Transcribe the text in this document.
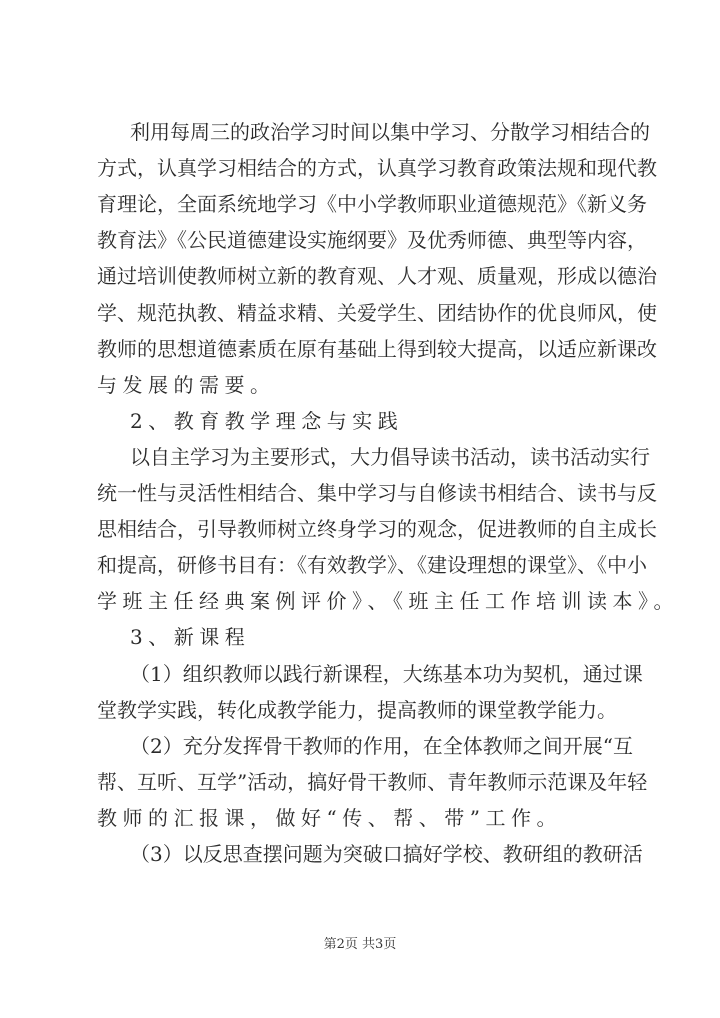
利用每周三的政治学习时间以集中学习、分散学习相结合的
方式，认真学习相结合的方式，认真学习教育政策法规和现代教
育理论，全面系统地学习《中小学教师职业道德规范》《新义务
教育法》《公民道德建设实施纲要》及优秀师德、典型等内容，
通过培训使教师树立新的教育观、人才观、质量观，形成以德治
学、规范执教、精益求精、关爱学生、团结协作的优良师风，使
教师的思想道德素质在原有基础上得到较大提高，以适应新课改
与发展的需要。
2、教育教学理念与实践
以自主学习为主要形式，大力倡导读书活动，读书活动实行
统一性与灵活性相结合、集中学习与自修读书相结合、读书与反
思相结合，引导教师树立终身学习的观念，促进教师的自主成长
和提高，研修书目有：《有效教学》、《建设理想的课堂》、《中小
学班主任经典案例评价》、《班主任工作培训读本》。
3、新课程
（1）组织教师以践行新课程，大练基本功为契机，通过课
堂教学实践，转化成教学能力，提高教师的课堂教学能力。
（2）充分发挥骨干教师的作用，在全体教师之间开展“互
帮、互听、互学”活动，搞好骨干教师、青年教师示范课及年轻
教师的汇报课，做好“传、帮、带”工作。
（3）以反思查摆问题为突破口搞好学校、教研组的教研活
第2页 共3页
